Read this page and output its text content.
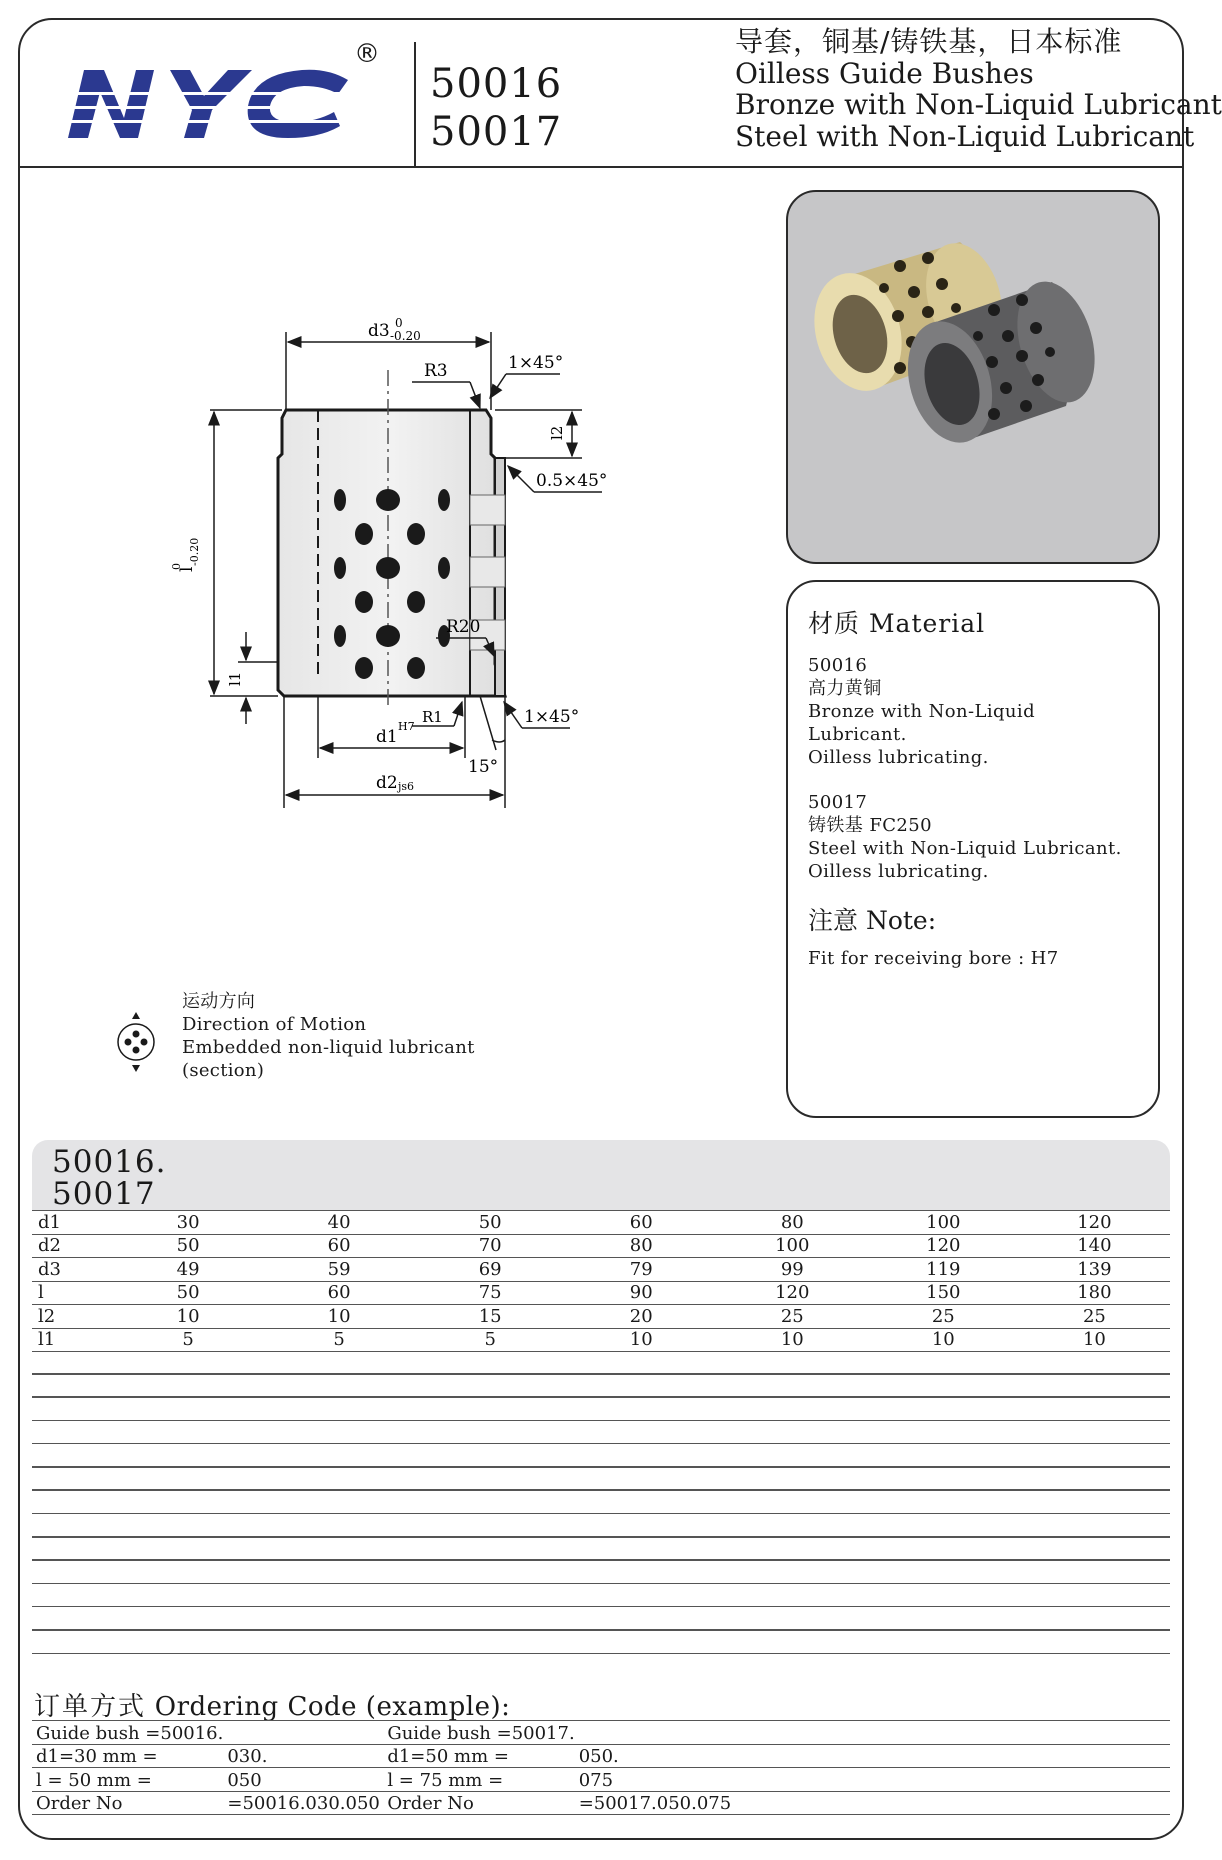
®
50016
50017
导套，铜基/铸铁基，日本标准
Oilless Guide Bushes
Bronze with Non-Liquid Lubricant
Steel with Non-Liquid Lubricant
d3 0
-0.20
R3	1×45°
l2
0.5×45°
l
0
-0.20
R20
l1
R1	1×45°
d1
H7
15°
d2 js6
材质 Material
50016
高力黄铜
Bronze with Non-Liquid Lubricant.
Oilless lubricating.
50017
铸铁基 FC250
Steel with Non-Liquid Lubricant.
Oilless lubricating.
注意 Note:
Fit for receiving bore : H7
运动方向
Direction of Motion
Embedded non-liquid lubricant
(section)
50016.
50017
d1	30	40	50	60	80	100	120
d2	50	60	70	80	100	120	140
d3	49	59	69	79	99	119	139
l	50	60	75	90	120	150	180
l2	10	10	15	20	25	25	25
l1	5	5	5	10	10	10	10
订单方式 Ordering Code (example):
Guide bush =50016.		Guide bush =50017.	
d1=30 mm =	030.	d1=50 mm =	050.
l = 50 mm =	050	l = 75 mm =	075
Order No	=50016.030.050	Order No	=50017.050.075
